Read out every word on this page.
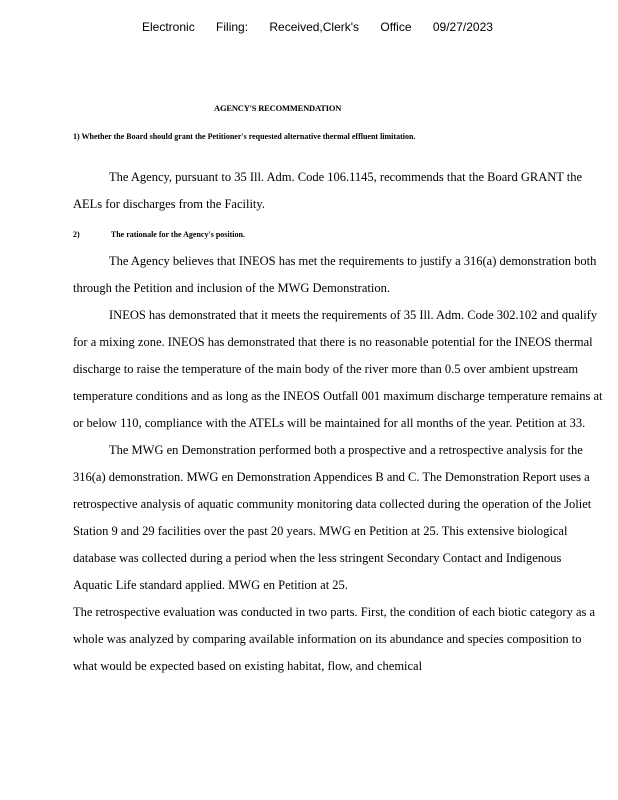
Electronic Filing: Received,Clerk's Office 09/27/2023
AGENCY'S RECOMMENDATION
1) Whether the Board should grant the Petitioner's requested alternative thermal effluent limitation.

The Agency, pursuant to 35 Ill. Adm. Code 106.1145, recommends that the Board GRANT the AELs for discharges from the Facility.

2)	The rationale for the Agency's position.

The Agency believes that INEOS has met the requirements to justify a 316(a) demonstration both through the Petition and inclusion of the MWG Demonstration.

INEOS has demonstrated that it meets the requirements of 35 Ill. Adm. Code 302.102 and qualify for a mixing zone. INEOS has demonstrated that there is no reasonable potential for the INEOS thermal discharge to raise the temperature of the main body of the river more than 0.5 over ambient upstream temperature conditions and as long as the INEOS Outfall 001 maximum discharge temperature remains at or below 110, compliance with the ATELs will be maintained for all months of the year. Petition at 33.

The MWG en Demonstration performed both a prospective and a retrospective analysis for the 316(a) demonstration. MWG en Demonstration Appendices B and C. The Demonstration Report uses a retrospective analysis of aquatic community monitoring data collected during the operation of the Joliet Station 9 and 29 facilities over the past 20 years. MWG en Petition at 25. This extensive biological database was collected during a period when the less stringent Secondary Contact and Indigenous Aquatic Life standard applied. MWG en Petition at 25.

The retrospective evaluation was conducted in two parts. First, the condition of each biotic category as a whole was analyzed by comparing available information on its abundance and species composition to what would be expected based on existing habitat, flow, and chemical
